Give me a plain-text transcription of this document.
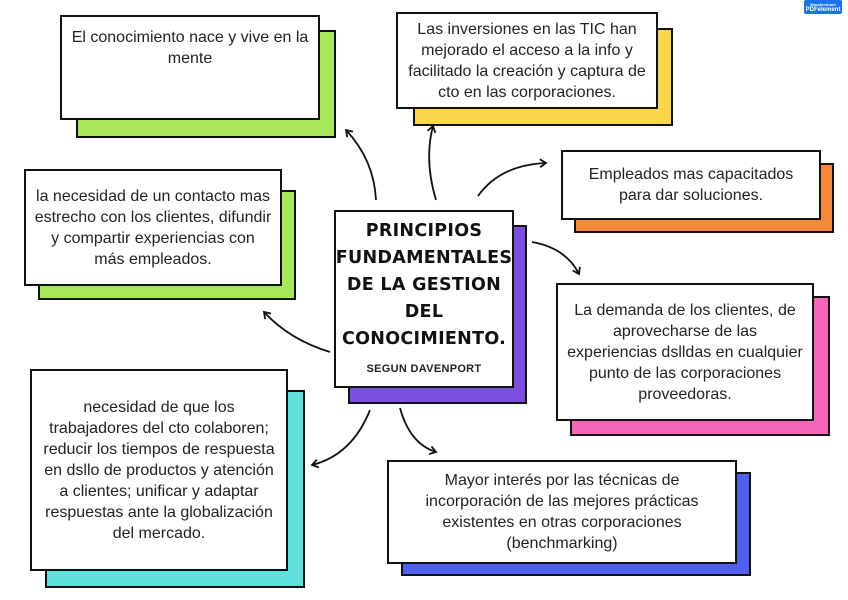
El conocimiento nace y vive en la mente
Las inversiones en las TIC han mejorado el acceso a la info y facilitado la creación y captura de cto en las corporaciones.
Empleados mas capacitados para dar soluciones.
la necesidad de un contacto mas estrecho con los clientes, difundir y compartir experiencias con más empleados.
PRINCIPIOS
FUNDAMENTALES
DE LA GESTION
DEL
CONOCIMIENTO.
SEGUN DAVENPORT
La demanda de los clientes, de aprovecharse de las experiencias dslldas en cualquier punto de las corporaciones proveedoras.
necesidad de que los trabajadores del cto colaboren; reducir los tiempos de respuesta en dsllo de productos y atención a clientes; unificar y adaptar respuestas ante la globalización del mercado.
Mayor interés por las técnicas de incorporación de las mejores prácticas existentes en otras corporaciones (benchmarking)
Wondershare
PDFelement
